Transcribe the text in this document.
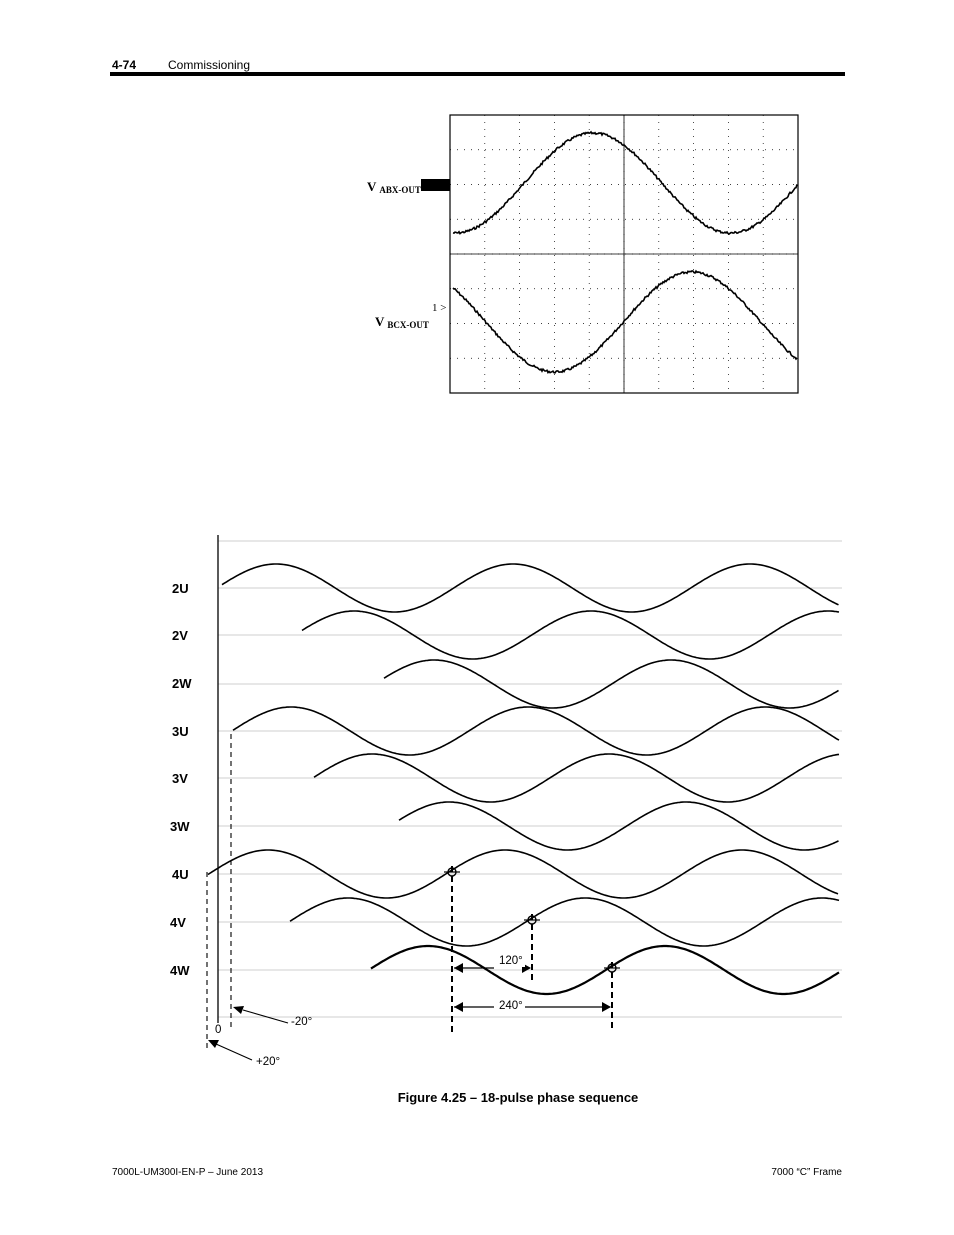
4-74	Commissioning
V $_{ABX-OUT}$
V $_{BCX-OUT}$
1 >
2U
2V
2W
3U
3V
3W
4U
4V
4W
0
-20°
+20°
120°
240°
Figure 4.25 – 18-pulse phase sequence
7000L-UM300I-EN-P – June 2013	7000 “C” Frame
